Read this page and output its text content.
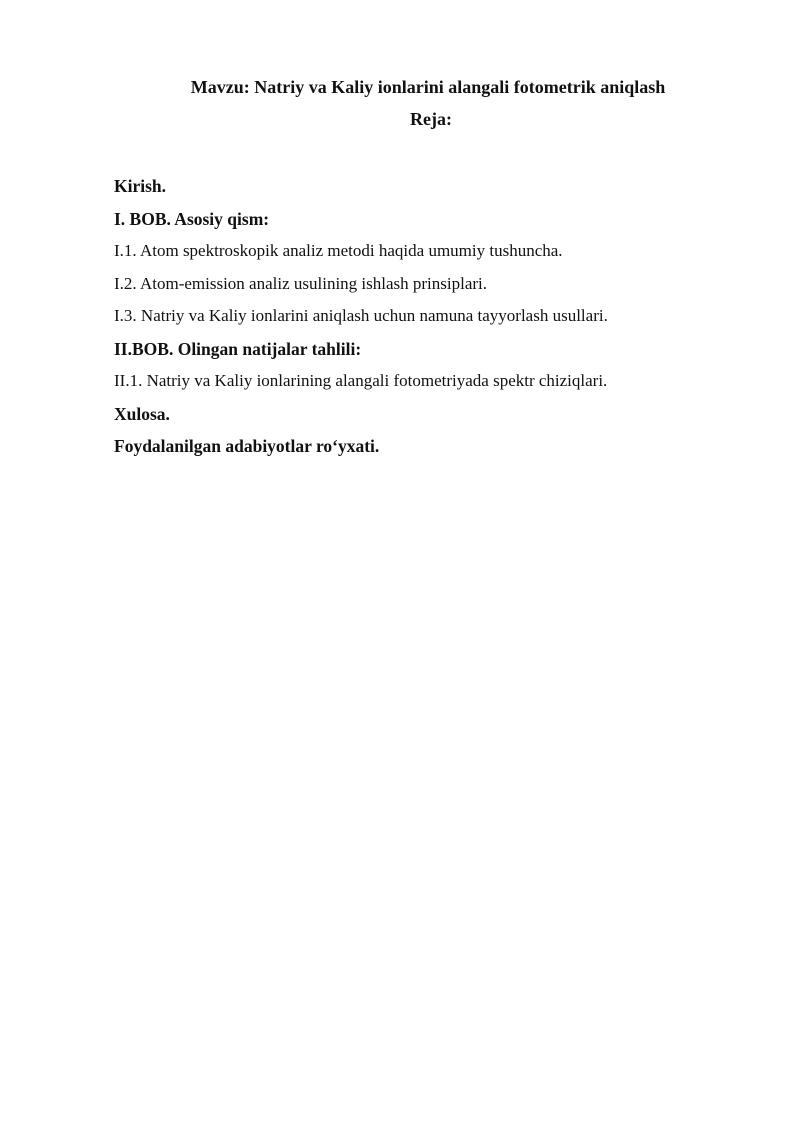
Mavzu: Natriy va Kaliy ionlarini alangali fotometrik aniqlash
Reja:
Kirish.
I. BOB. Asosiy qism:
I.1. Atom spektroskopik analiz metodi haqida umumiy tushuncha.
I.2. Atom-emission analiz usulining ishlash prinsiplari.
I.3. Natriy va Kaliy ionlarini aniqlash uchun namuna tayyorlash usullari.
II.BOB. Olingan natijalar tahlili:
II.1. Natriy va Kaliy ionlarining alangali fotometriyada spektr chiziqlari.
Xulosa.
Foydalanilgan adabiyotlar ro‘yxati.
